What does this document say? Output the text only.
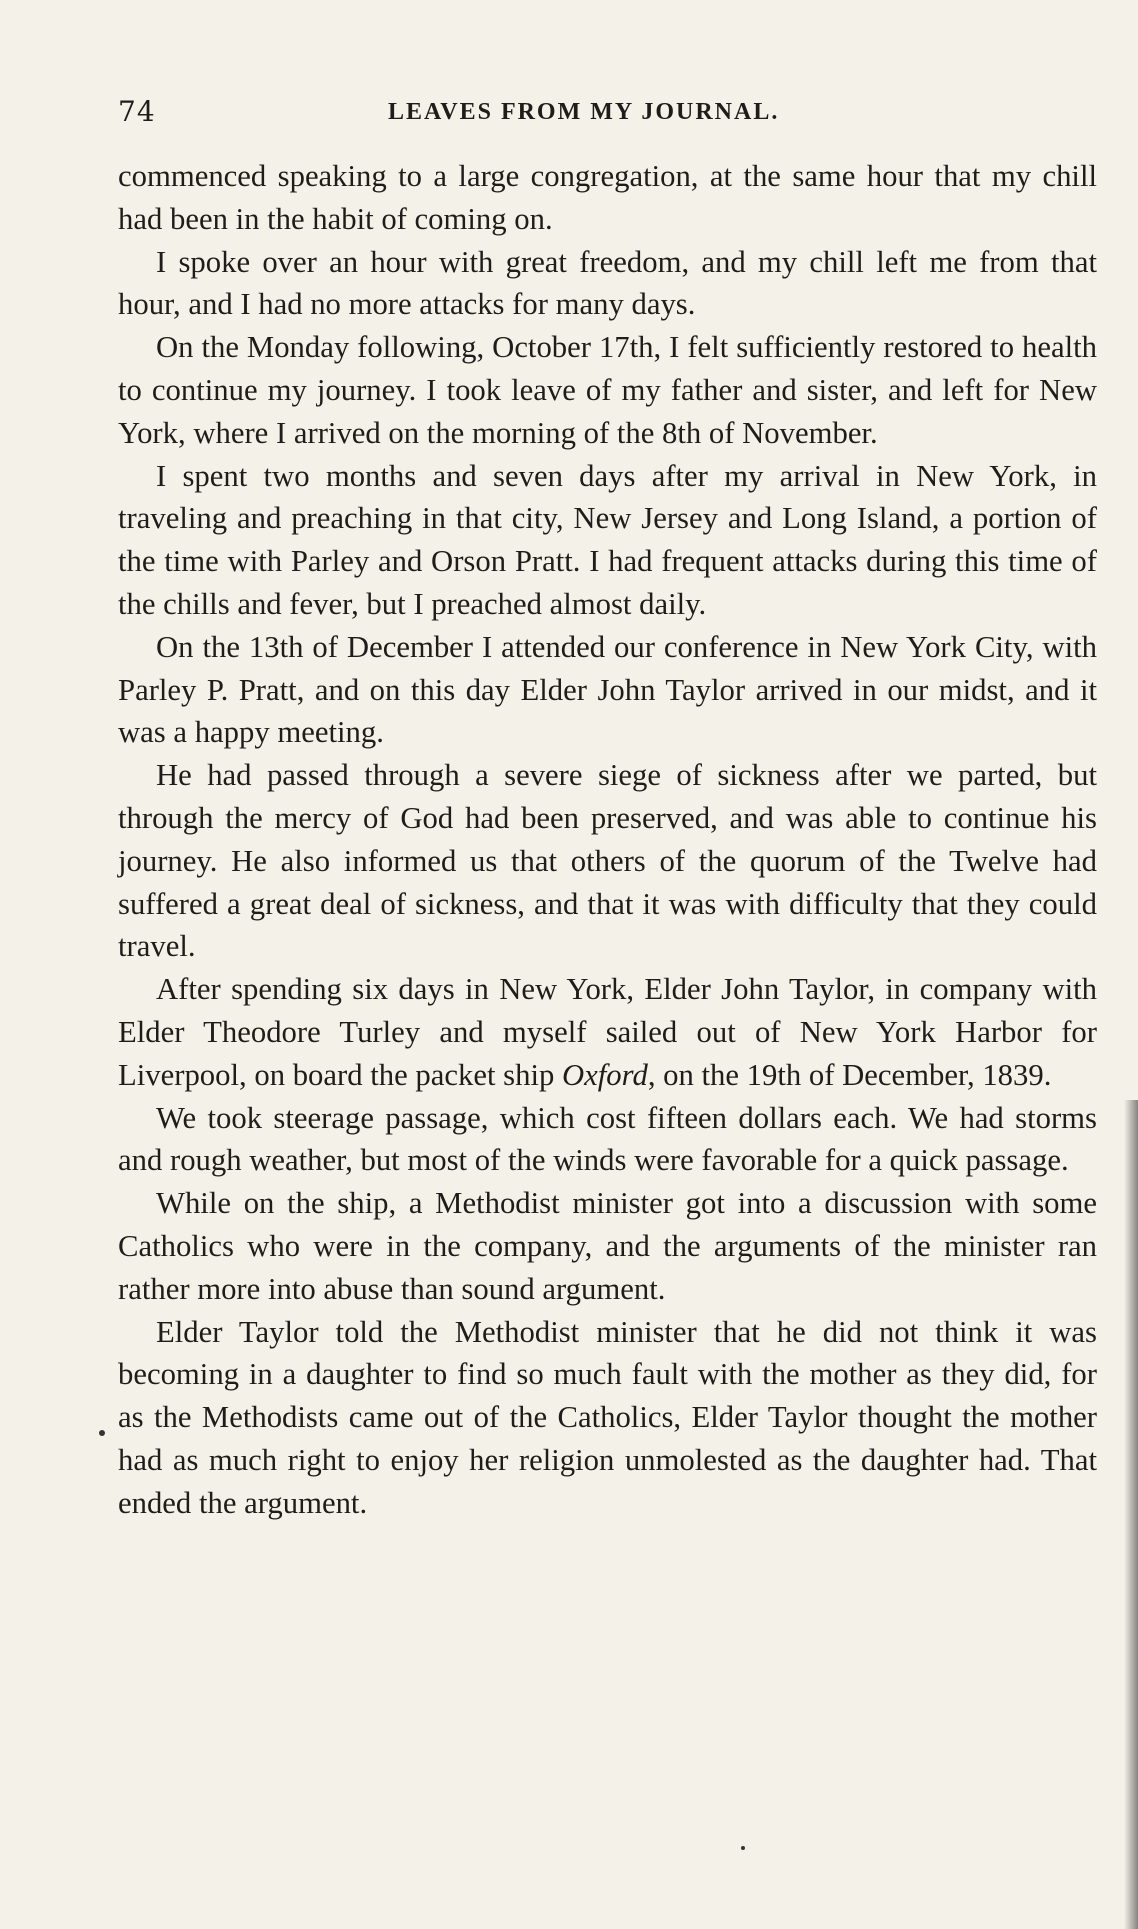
74	LEAVES FROM MY JOURNAL.

commenced speaking to a large congregation, at the same hour that my chill had been in the habit of coming on.

I spoke over an hour with great freedom, and my chill left me from that hour, and I had no more attacks for many days.

On the Monday following, October 17th, I felt sufficiently restored to health to continue my journey. I took leave of my father and sister, and left for New York, where I arrived on the morning of the 8th of November.

I spent two months and seven days after my arrival in New York, in traveling and preaching in that city, New Jersey and Long Island, a portion of the time with Parley and Orson Pratt. I had frequent attacks during this time of the chills and fever, but I preached almost daily.

On the 13th of December I attended our conference in New York City, with Parley P. Pratt, and on this day Elder John Taylor arrived in our midst, and it was a happy meeting.

He had passed through a severe siege of sickness after we parted, but through the mercy of God had been preserved, and was able to continue his journey. He also informed us that others of the quorum of the Twelve had suffered a great deal of sickness, and that it was with difficulty that they could travel.

After spending six days in New York, Elder John Taylor, in company with Elder Theodore Turley and myself sailed out of New York Harbor for Liverpool, on board the packet ship Oxford, on the 19th of December, 1839.

We took steerage passage, which cost fifteen dollars each. We had storms and rough weather, but most of the winds were favorable for a quick passage.

While on the ship, a Methodist minister got into a discussion with some Catholics who were in the company, and the arguments of the minister ran rather more into abuse than sound argument.

Elder Taylor told the Methodist minister that he did not think it was becoming in a daughter to find so much fault with the mother as they did, for as the Methodists came out of the Catholics, Elder Taylor thought the mother had as much right to enjoy her religion unmolested as the daughter had. That ended the argument.
